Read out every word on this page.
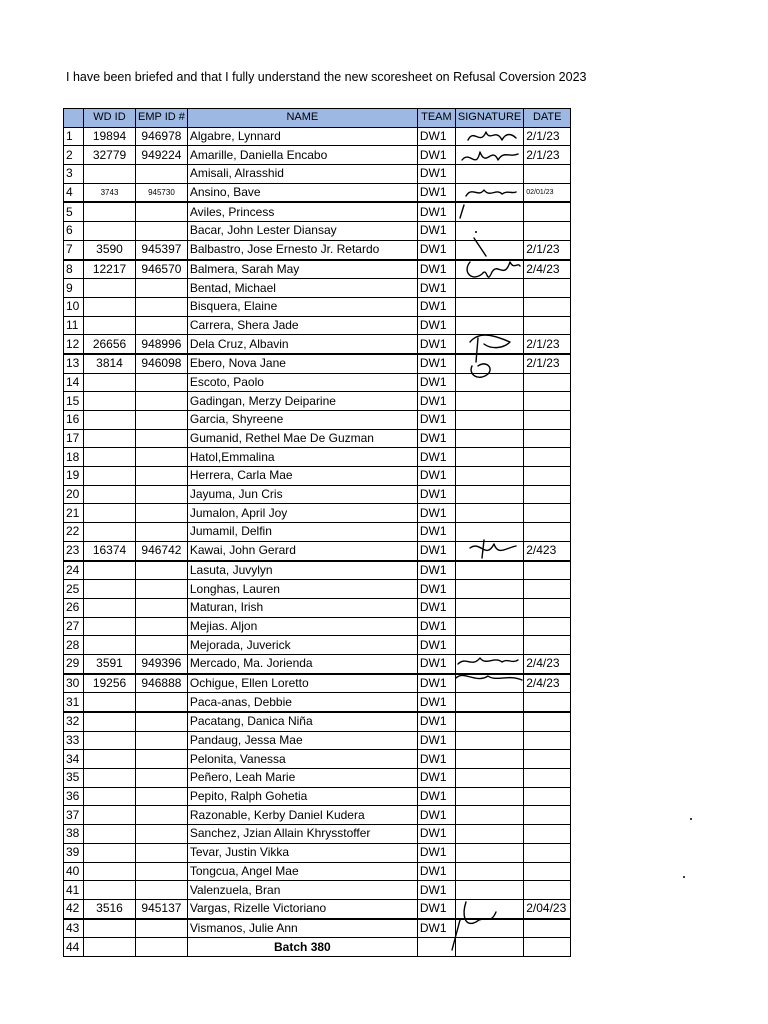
I have been briefed and that I fully understand the new scoresheet on Refusal Coversion 2023
	WD ID	EMP ID #	NAME	TEAM	SIGNATURE	DATE
1	19894	946978	Algabre, Lynnard	DW1		2/1/23
2	32779	949224	Amarille, Daniella Encabo	DW1		2/1/23
3			Amisali, Alrasshid	DW1		
4	3743	945730	Ansino, Bave	DW1		02/01/23
5			Aviles, Princess	DW1		
6			Bacar, John Lester Diansay	DW1		
7	3590	945397	Balbastro, Jose Ernesto Jr. Retardo	DW1		2/1/23
8	12217	946570	Balmera, Sarah May	DW1		2/4/23
9			Bentad, Michael	DW1		
10			Bisquera, Elaine	DW1		
11			Carrera, Shera Jade	DW1		
12	26656	948996	Dela Cruz, Albavin	DW1		2/1/23
13	3814	946098	Ebero, Nova Jane	DW1		2/1/23
14			Escoto, Paolo	DW1		
15			Gadingan, Merzy Deiparine	DW1		
16			Garcia, Shyreene	DW1		
17			Gumanid, Rethel Mae De Guzman	DW1		
18			Hatol,Emmalina	DW1		
19			Herrera, Carla Mae	DW1		
20			Jayuma, Jun Cris	DW1		
21			Jumalon, April Joy	DW1		
22			Jumamil, Delfin	DW1		
23	16374	946742	Kawai, John Gerard	DW1		2/423
24			Lasuta, Juvylyn	DW1		
25			Longhas, Lauren	DW1		
26			Maturan, Irish	DW1		
27			Mejias. Aljon	DW1		
28			Mejorada, Juverick	DW1		
29	3591	949396	Mercado, Ma. Jorienda	DW1		2/4/23
30	19256	946888	Ochigue, Ellen Loretto	DW1		2/4/23
31			Paca-anas, Debbie	DW1		
32			Pacatang, Danica Niña	DW1		
33			Pandaug, Jessa Mae	DW1		
34			Pelonita, Vanessa	DW1		
35			Peñero, Leah Marie	DW1		
36			Pepito, Ralph Gohetia	DW1		
37			Razonable, Kerby Daniel Kudera	DW1		
38			Sanchez, Jzian Allain Khrysstoffer	DW1		
39			Tevar, Justin Vikka	DW1		
40			Tongcua, Angel Mae	DW1		
41			Valenzuela, Bran	DW1		
42	3516	945137	Vargas, Rizelle Victoriano	DW1		2/04/23
43			Vismanos, Julie Ann	DW1		
44			Batch 380			
